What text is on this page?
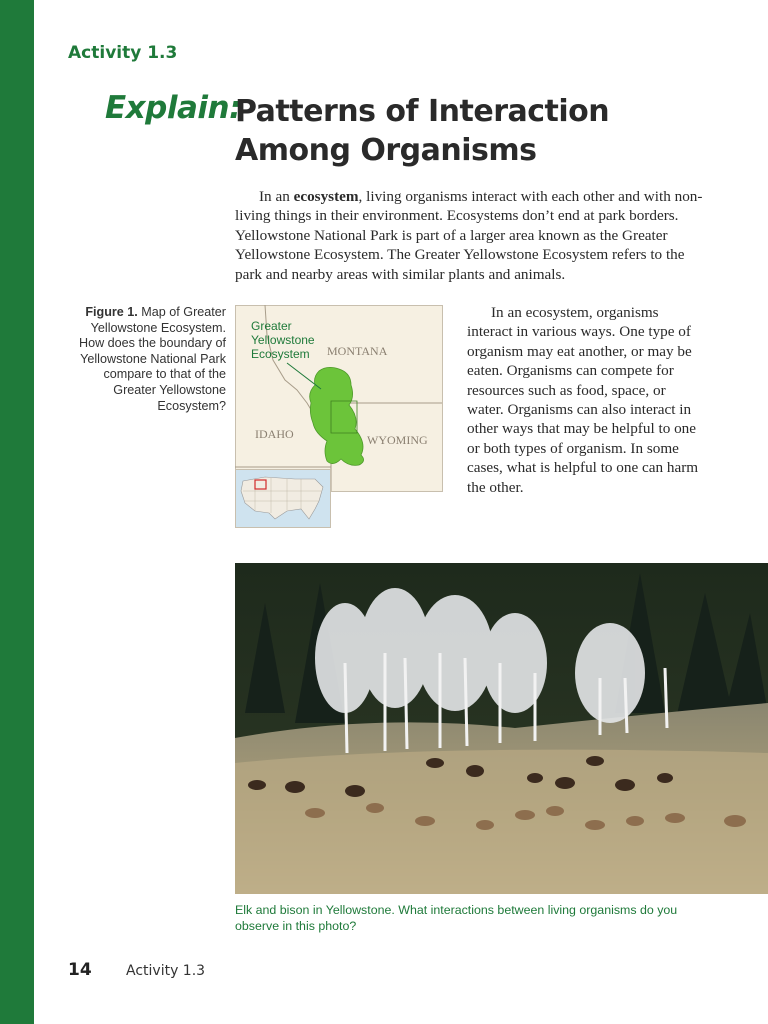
Activity 1.3
Explain:
Patterns of Interaction Among Organisms

In an ecosystem, living organisms interact with each other and with non-living things in their environment. Ecosystems don’t end at park borders. Yellowstone National Park is part of a larger area known as the Greater Yellowstone Ecosystem. The Greater Yellowstone Ecosystem refers to the park and nearby areas with similar plants and animals.

Figure 1. Map of Greater Yellowstone Ecosystem. How does the boundary of Yellowstone National Park compare to that of the Greater Yellowstone Ecosystem?

Greater
Yellowstone
Ecosystem MONTANA
IDAHO	WYOMING

In an ecosystem, organisms interact in various ways. One type of organism may eat another, or may be eaten. Organisms can compete for resources such as food, space, or water. Organisms can also interact in other ways that may be helpful to one or both types of organism. In some cases, what is helpful to one can harm the other.

Elk and bison in Yellowstone. What interactions between living organisms do you observe in this photo?

14 Activity 1.3
